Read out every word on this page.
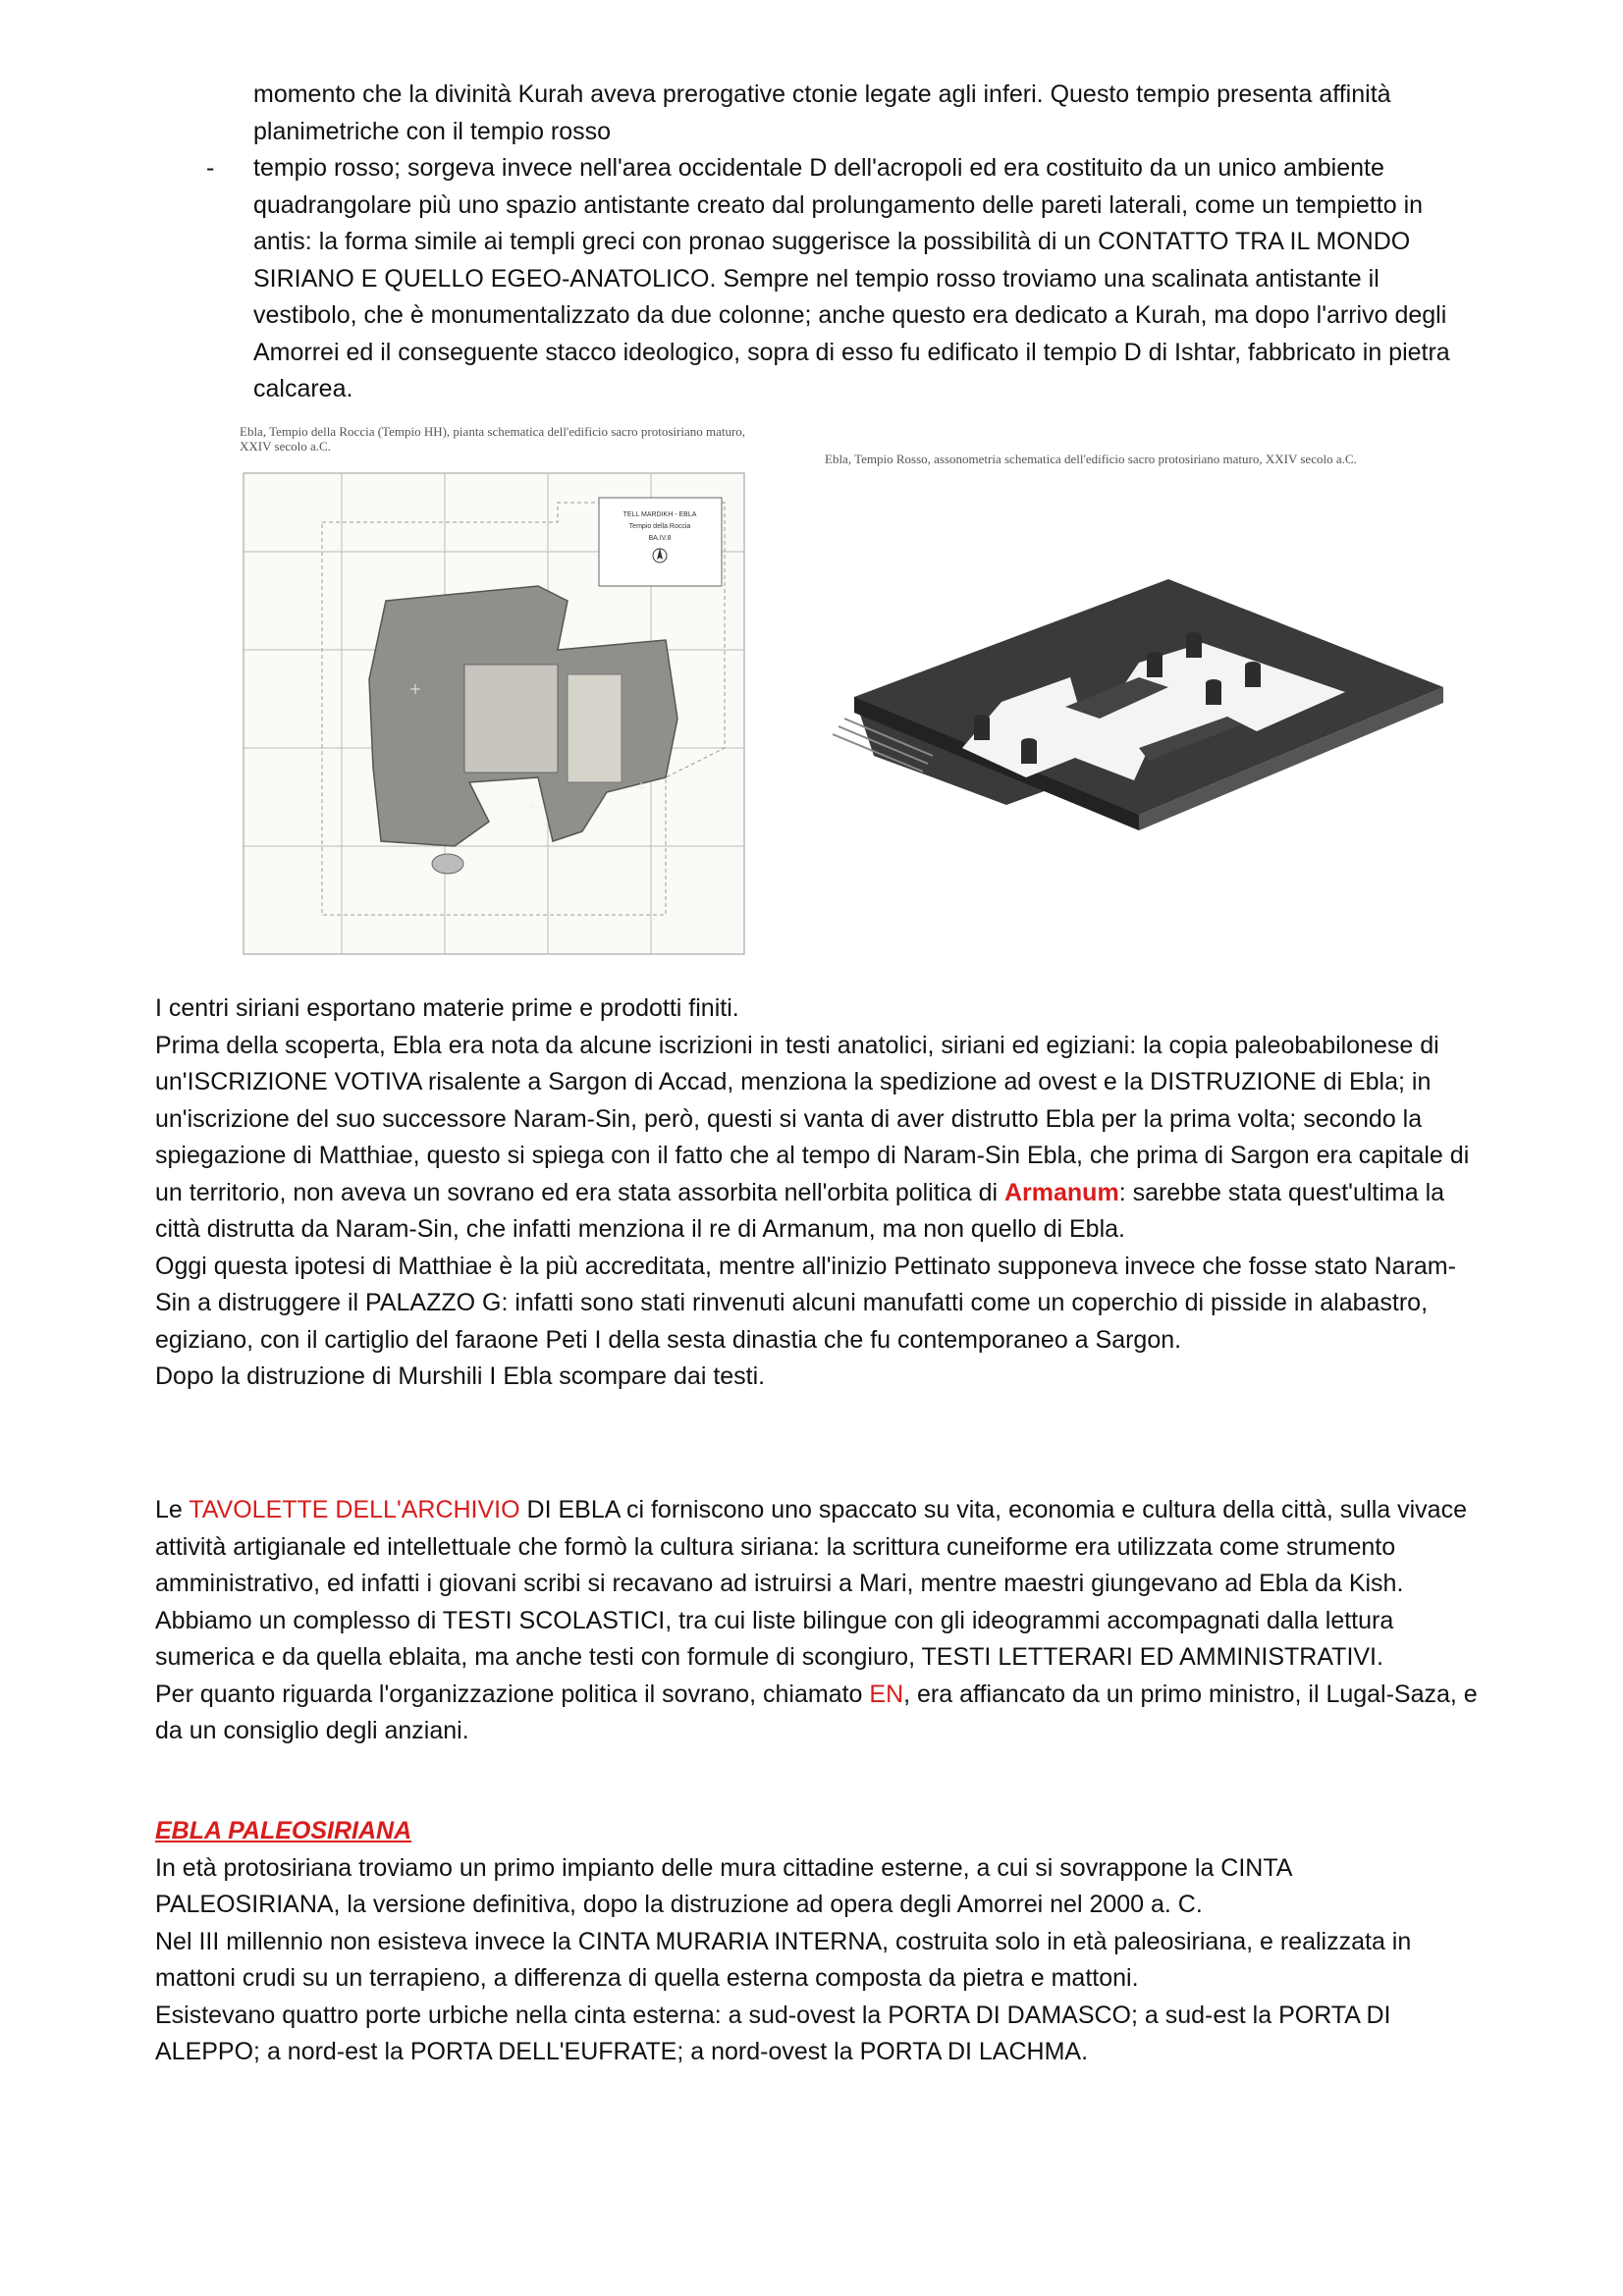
momento che la divinità Kurah aveva prerogative ctonie legate agli inferi. Questo tempio presenta affinità planimetriche con il tempio rosso
- tempio rosso; sorgeva invece nell'area occidentale D dell'acropoli ed era costituito da un unico ambiente quadrangolare più uno spazio antistante creato dal prolungamento delle pareti laterali, come un tempietto in antis: la forma simile ai templi greci con pronao suggerisce la possibilità di un CONTATTO TRA IL MONDO SIRIANO E QUELLO EGEO-ANATOLICO. Sempre nel tempio rosso troviamo una scalinata antistante il vestibolo, che è monumentalizzato da due colonne; anche questo era dedicato a Kurah, ma dopo l'arrivo degli Amorrei ed il conseguente stacco ideologico, sopra di esso fu edificato il tempio D di Ishtar, fabbricato in pietra calcarea.
Ebla, Tempio della Roccia (Tempio HH), pianta schematica dell'edificio sacro protosiriano maturo, XXIV secolo a.C.
TELL MARDIKH - EBLA
Tempio della Roccia
BA.IV.8
Ebla, Tempio Rosso, assonometria schematica dell'edificio sacro protosiriano maturo, XXIV secolo a.C.
I centri siriani esportano materie prime e prodotti finiti.
Prima della scoperta, Ebla era nota da alcune iscrizioni in testi anatolici, siriani ed egiziani: la copia paleobabilonese di un'ISCRIZIONE VOTIVA risalente a Sargon di Accad, menziona la spedizione ad ovest e la DISTRUZIONE di Ebla; in un'iscrizione del suo successore Naram-Sin, però, questi si vanta di aver distrutto Ebla per la prima volta; secondo la spiegazione di Matthiae, questo si spiega con il fatto che al tempo di Naram-Sin Ebla, che prima di Sargon era capitale di un territorio, non aveva un sovrano ed era stata assorbita nell'orbita politica di Armanum: sarebbe stata quest'ultima la città distrutta da Naram-Sin, che infatti menziona il re di Armanum, ma non quello di Ebla.
Oggi questa ipotesi di Matthiae è la più accreditata, mentre all'inizio Pettinato supponeva invece che fosse stato Naram-Sin a distruggere il PALAZZO G: infatti sono stati rinvenuti alcuni manufatti come un coperchio di pisside in alabastro, egiziano, con il cartiglio del faraone Peti I della sesta dinastia che fu contemporaneo a Sargon.
Dopo la distruzione di Murshili I Ebla scompare dai testi.
Le TAVOLETTE DELL'ARCHIVIO DI EBLA ci forniscono uno spaccato su vita, economia e cultura della città, sulla vivace attività artigianale ed intellettuale che formò la cultura siriana: la scrittura cuneiforme era utilizzata come strumento amministrativo, ed infatti i giovani scribi si recavano ad istruirsi a Mari, mentre maestri giungevano ad Ebla da Kish. Abbiamo un complesso di TESTI SCOLASTICI, tra cui liste bilingue con gli ideogrammi accompagnati dalla lettura sumerica e da quella eblaita, ma anche testi con formule di scongiuro, TESTI LETTERARI ED AMMINISTRATIVI.
Per quanto riguarda l'organizzazione politica il sovrano, chiamato EN, era affiancato da un primo ministro, il Lugal-Saza, e da un consiglio degli anziani.
EBLA PALEOSIRIANA
In età protosiriana troviamo un primo impianto delle mura cittadine esterne, a cui si sovrappone la CINTA PALEOSIRIANA, la versione definitiva, dopo la distruzione ad opera degli Amorrei nel 2000 a. C.
Nel III millennio non esisteva invece la CINTA MURARIA INTERNA, costruita solo in età paleosiriana, e realizzata in mattoni crudi su un terrapieno, a differenza di quella esterna composta da pietra e mattoni.
Esistevano quattro porte urbiche nella cinta esterna: a sud-ovest la PORTA DI DAMASCO; a sud-est la PORTA DI ALEPPO; a nord-est la PORTA DELL'EUFRATE; a nord-ovest la PORTA DI LACHMA.
